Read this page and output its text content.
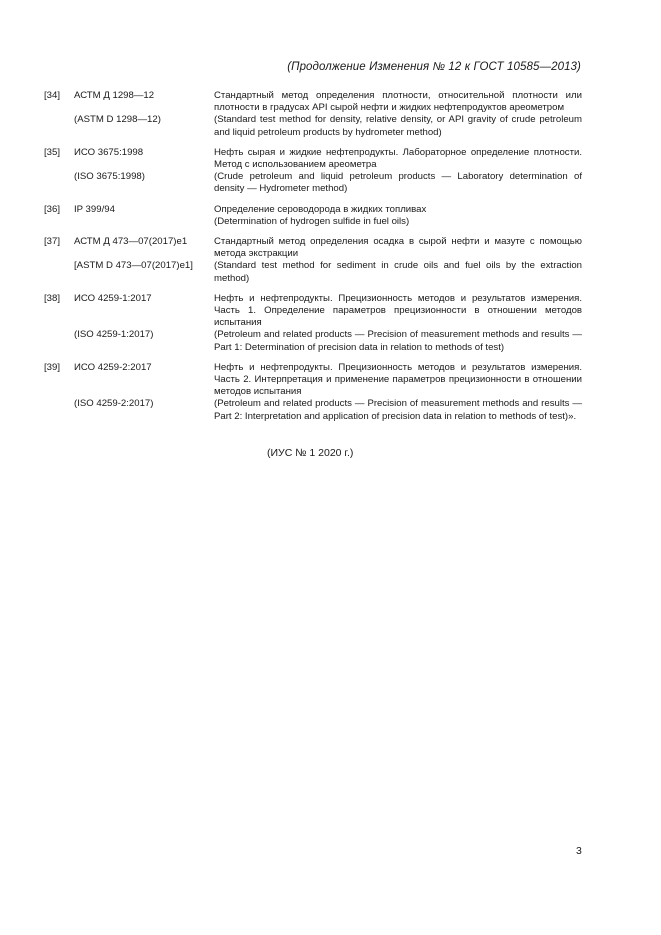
(Продолжение Изменения № 12 к ГОСТ 10585—2013)
[34] АСТМ Д 1298—12	Стандартный метод определения плотности, относительной плотности или плотности в градусах API сырой нефти и жидких нефтепродуктов ареометром
(ASTM D 1298—12)	(Standard test method for density, relative density, or API gravity of crude petroleum and liquid petroleum products by hydrometer method)
[35] ИСО 3675:1998	Нефть сырая и жидкие нефтепродукты. Лабораторное определение плотности. Метод с использованием ареометра
(ISO 3675:1998)	(Crude petroleum and liquid petroleum products — Laboratory determination of density — Hydrometer method)
[36] IP 399/94	Определение сероводорода в жидких топливах
(Determination of hydrogen sulfide in fuel oils)
[37] АСТМ Д 473—07(2017)e1	Стандартный метод определения осадка в сырой нефти и мазуте с помощью метода экстракции
[ASTM D 473—07(2017)e1] (Standard test method for sediment in crude oils and fuel oils by the extraction method)
[38] ИСО 4259-1:2017	Нефть и нефтепродукты. Прецизионность методов и результатов измерения. Часть 1. Определение параметров прецизионности в отношении методов испытания
(ISO 4259-1:2017)	(Petroleum and related products — Precision of measurement methods and results — Part 1: Determination of precision data in relation to methods of test)
[39] ИСО 4259-2:2017	Нефть и нефтепродукты. Прецизионность методов и результатов измерения. Часть 2. Интерпретация и применение параметров прецизионности в отношении методов испытания
(ISO 4259-2:2017)	(Petroleum and related products — Precision of measurement methods and results — Part 2: Interpretation and application of precision data in relation to methods of test)».
(ИУС № 1 2020 г.)
3
